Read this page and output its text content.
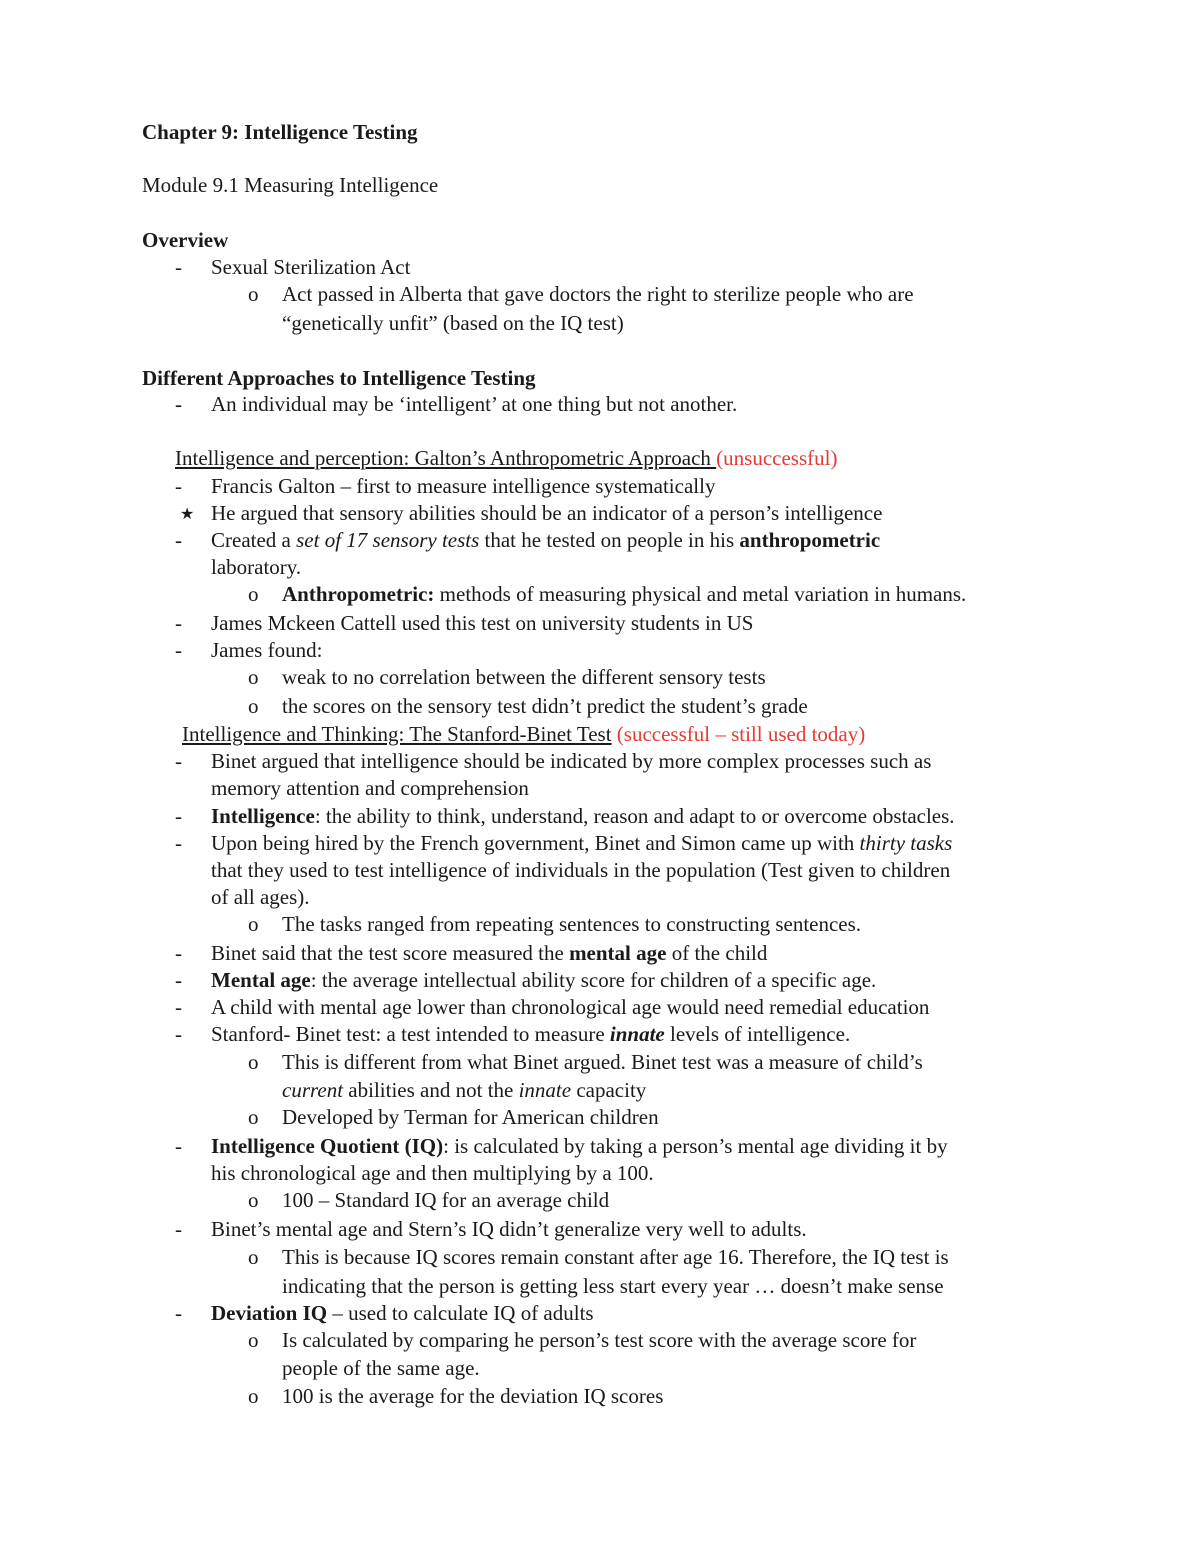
Chapter 9: Intelligence Testing
Module 9.1 Measuring Intelligence
Overview
- Sexual Sterilization Act
o Act passed in Alberta that gave doctors the right to sterilize people who are
“genetically unfit” (based on the IQ test)
Different Approaches to Intelligence Testing
- An individual may be ‘intelligent’ at one thing but not another.
Intelligence and perception: Galton’s Anthropometric Approach (unsuccessful)
- Francis Galton – first to measure intelligence systematically
★ He argued that sensory abilities should be an indicator of a person’s intelligence
- Created a set of 17 sensory tests that he tested on people in his anthropometric
laboratory.
o Anthropometric: methods of measuring physical and metal variation in humans.
- James Mckeen Cattell used this test on university students in US
- James found:
o weak to no correlation between the different sensory tests
o the scores on the sensory test didn’t predict the student’s grade
Intelligence and Thinking: The Stanford-Binet Test (successful – still used today)
- Binet argued that intelligence should be indicated by more complex processes such as
memory attention and comprehension
- Intelligence: the ability to think, understand, reason and adapt to or overcome obstacles.
- Upon being hired by the French government, Binet and Simon came up with thirty tasks
that they used to test intelligence of individuals in the population (Test given to children
of all ages).
o The tasks ranged from repeating sentences to constructing sentences.
- Binet said that the test score measured the mental age of the child
- Mental age: the average intellectual ability score for children of a specific age.
- A child with mental age lower than chronological age would need remedial education
- Stanford- Binet test: a test intended to measure innate levels of intelligence.
o This is different from what Binet argued. Binet test was a measure of child’s
current abilities and not the innate capacity
o Developed by Terman for American children
- Intelligence Quotient (IQ): is calculated by taking a person’s mental age dividing it by
his chronological age and then multiplying by a 100.
o 100 – Standard IQ for an average child
- Binet’s mental age and Stern’s IQ didn’t generalize very well to adults.
o This is because IQ scores remain constant after age 16. Therefore, the IQ test is
indicating that the person is getting less start every year … doesn’t make sense
- Deviation IQ – used to calculate IQ of adults
o Is calculated by comparing he person’s test score with the average score for
people of the same age.
o 100 is the average for the deviation IQ scores
